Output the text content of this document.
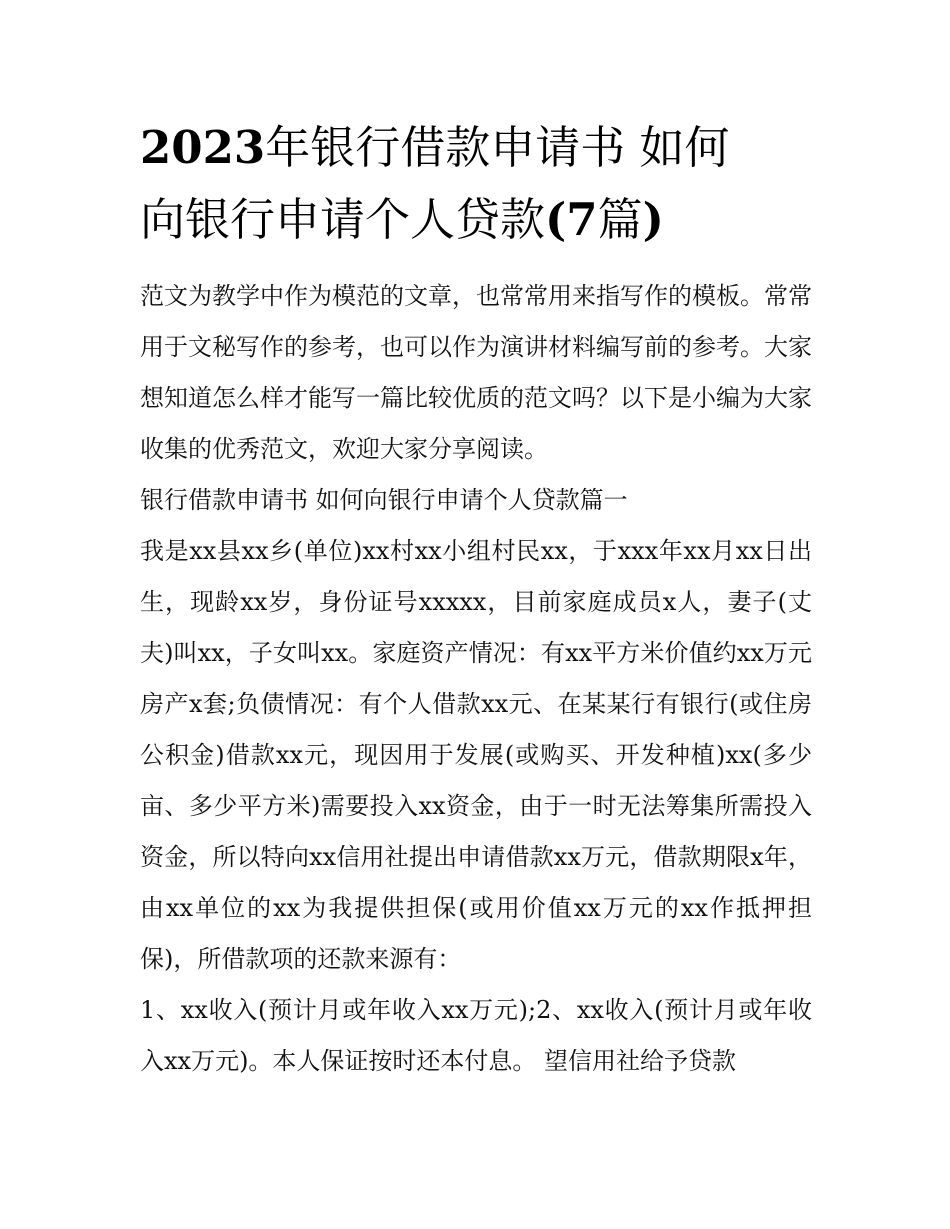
2023年银行借款申请书 如何
向银行申请个人贷款(7篇)

范文为教学中作为模范的文章，也常常用来指写作的模板。常常用于文秘写作的参考，也可以作为演讲材料编写前的参考。大家想知道怎么样才能写一篇比较优质的范文吗？以下是小编为大家收集的优秀范文，欢迎大家分享阅读。

银行借款申请书 如何向银行申请个人贷款篇一

我是xx县xx乡(单位)xx村xx小组村民xx，于xxx年xx月xx日出生，现龄xx岁，身份证号xxxxx，目前家庭成员x人，妻子(丈夫)叫xx，子女叫xx。家庭资产情况：有xx平方米价值约xx万元房产x套;负债情况：有个人借款xx元、在某某行有银行(或住房公积金)借款xx元，现因用于发展(或购买、开发种植)xx(多少亩、多少平方米)需要投入xx资金，由于一时无法筹集所需投入资金，所以特向xx信用社提出申请借款xx万元，借款期限x年，由xx单位的xx为我提供担保(或用价值xx万元的xx作抵押担保)，所借款项的还款来源有：

1、xx收入(预计月或年收入xx万元);2、xx收入(预计月或年收入xx万元)。本人保证按时还本付息。 望信用社给予贷款
